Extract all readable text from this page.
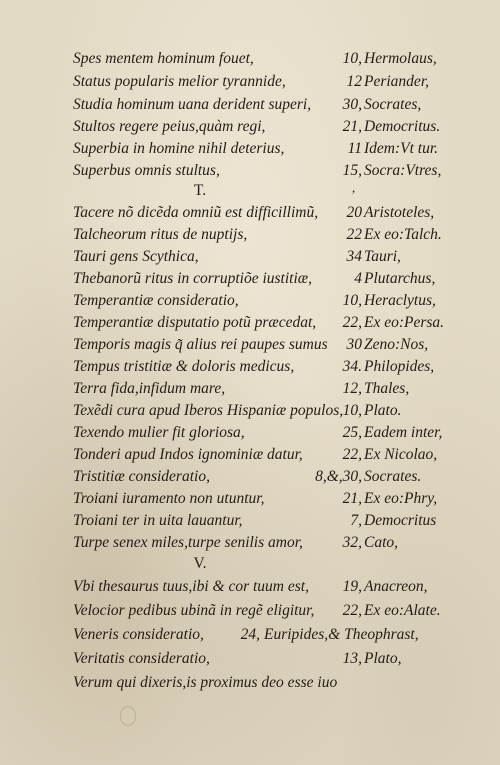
Spes mentem hominum fouet,	10, Hermolaus,
Status popularis melior tyrannide,	12 Periander,
Studia hominum uana derident superi,	30, Socrates,
Stultos regere peius,quàm regi,	21, Democritus.
Superbia in homine nihil deterius,	11 Idem:Vt tur.
Superbus omnis stultus,	15, Socra:Vtres,
T.	,
Tacere nõ dicẽda omniũ est difficillimũ,	20 Aristoteles,
Talcheorum ritus de nuptijs,	22 Ex eo:Talch.
Tauri gens Scythica,	34 Tauri,
Thebanorũ ritus in corruptiõe iustitiæ,	4 Plutarchus,
Temperantiæ consideratio,	10, Heraclytus,
Temperantiæ disputatio potũ præcedat,	22, Ex eo:Persa.
Temporis magis q̃ alius rei paupes sumus	30 Zeno:Nos,
Tempus tristitiæ & doloris medicus,	34. Philopides,
Terra fida,infidum mare,	12, Thales,
Texẽdi cura apud Iberos Hispaniæ populos, 10, Plato.
Texendo mulier fit gloriosa,	25, Eadem inter,
Tonderi apud Indos ignominiæ datur,	22, Ex Nicolao,
Tristitiæ consideratio,	8,&,30, Socrates.
Troiani iuramento non utuntur,	21, Ex eo:Phry,
Troiani ter in uita lauantur,	7, Democritus
Turpe senex miles,turpe senilis amor,	32, Cato,
V.
Vbi thesaurus tuus,ibi & cor tuum est,	19, Anacreon,
Velocior pedibus ubinã in regẽ eligitur,	22, Ex eo:Alate.
Veneris consideratio,	24, Euripides,& Theophrast,
Veritatis consideratio,	13, Plato,
Verum qui dixeris,is proximus deo esse iuo
